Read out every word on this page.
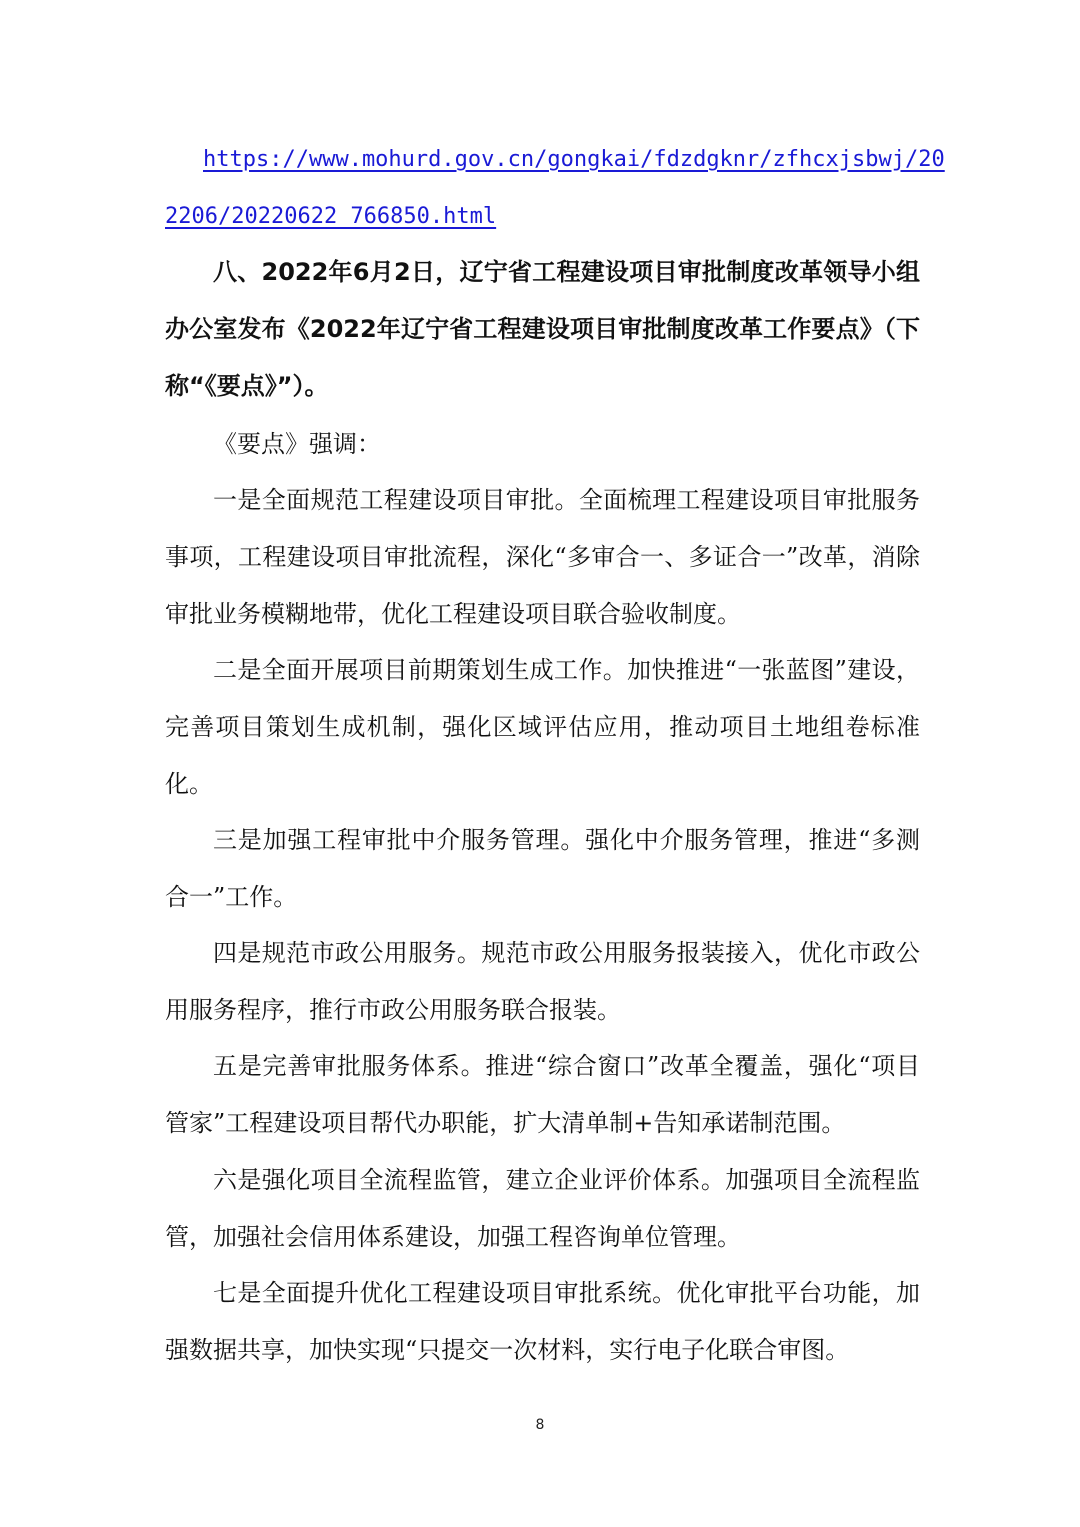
https://www.mohurd.gov.cn/gongkai/fdzdgknr/zfhcxjsbwj/20
2206/20220622_766850.html
八、2022年6月2日，辽宁省工程建设项目审批制度改革领导小组办公室发布《2022年辽宁省工程建设项目审批制度改革工作要点》（下称“《要点》”）。
《要点》强调：
一是全面规范工程建设项目审批。全面梳理工程建设项目审批服务事项，工程建设项目审批流程，深化“多审合一、多证合一”改革，消除审批业务模糊地带，优化工程建设项目联合验收制度。
二是全面开展项目前期策划生成工作。加快推进“一张蓝图”建设，完善项目策划生成机制，强化区域评估应用，推动项目土地组卷标准化。
三是加强工程审批中介服务管理。强化中介服务管理，推进“多测合一”工作。
四是规范市政公用服务。规范市政公用服务报装接入，优化市政公用服务程序，推行市政公用服务联合报装。
五是完善审批服务体系。推进“综合窗口”改革全覆盖，强化“项目管家”工程建设项目帮代办职能，扩大清单制+告知承诺制范围。
六是强化项目全流程监管，建立企业评价体系。加强项目全流程监管，加强社会信用体系建设，加强工程咨询单位管理。
七是全面提升优化工程建设项目审批系统。优化审批平台功能，加强数据共享，加快实现“只提交一次材料，实行电子化联合审图。
8
